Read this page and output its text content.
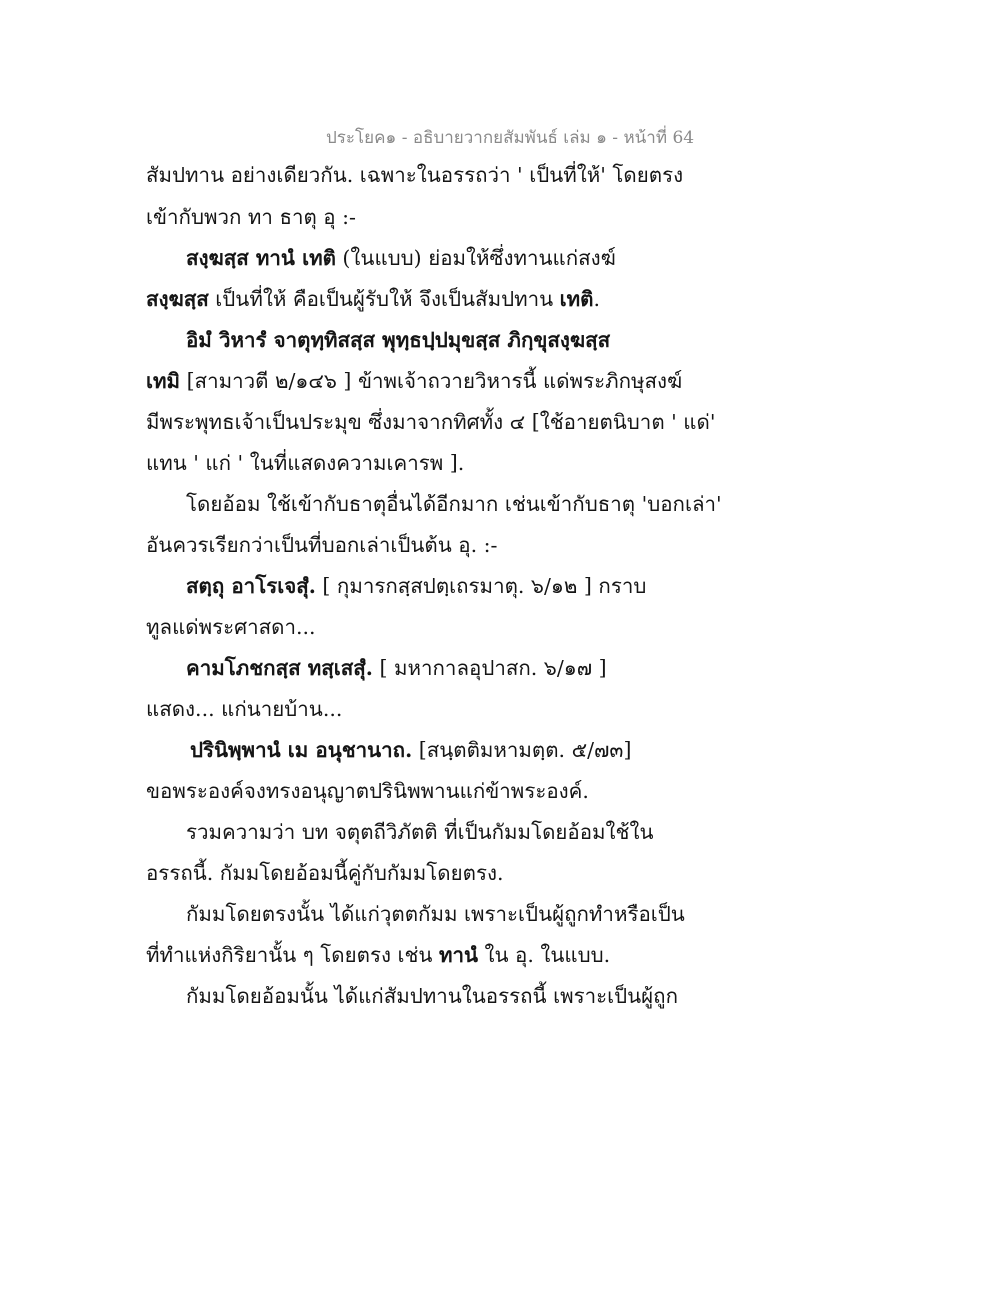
ประโยค๑ - อธิบายวากยสัมพันธ์ เล่ม ๑ - หน้าที่ 64
สัมปทาน อย่างเดียวกัน. เฉพาะในอรรถว่า ' เป็นที่ให้' โดยตรง
เข้ากับพวก ทา ธาตุ อุ :-
สงฺฆสฺส ทานํ เทติ (ในแบบ) ย่อมให้ซึ่งทานแก่สงฆ์
สงฺฆสฺส เป็นที่ให้ คือเป็นผู้รับให้ จึงเป็นสัมปทาน เทติ.
อิมํ วิหารํ จาตุทฺทิสสฺส พุทฺธปฺปมุขสฺส ภิกฺขุสงฺฆสฺส
เทมิ [สามาวตี ๒/๑๔๖ ] ข้าพเจ้าถวายวิหารนี้ แด่พระภิกษุสงฆ์
มีพระพุทธเจ้าเป็นประมุข ซึ่งมาจากทิศทั้ง ๔ [ใช้อายตนิบาต ' แด่'
แทน ' แก่ ' ในที่แสดงความเคารพ ].
โดยอ้อม ใช้เข้ากับธาตุอื่นได้อีกมาก เช่นเข้ากับธาตุ 'บอกเล่า'
อันควรเรียกว่าเป็นที่บอกเล่าเป็นต้น อุ. :-
สตฺถุ อาโรเจสุํ. [ กุมารกสฺสปตฺเถรมาตุ. ๖/๑๒ ] กราบ
ทูลแด่พระศาสดา...
คามโภชกสฺส ทสฺเสสุํ. [ มหากาลอุปาสก. ๖/๑๗ ]
แสดง... แก่นายบ้าน...
ปรินิพฺพานํ เม อนุชานาถ. [สนฺตติมหามตฺต. ๕/๗๓]
ขอพระองค์จงทรงอนุญาตปรินิพพานแก่ข้าพระองค์.
รวมความว่า บท จตุตถีวิภัตติ ที่เป็นกัมมโดยอ้อมใช้ใน
อรรถนี้. กัมมโดยอ้อมนี้คู่กับกัมมโดยตรง.
กัมมโดยตรงนั้น ได้แก่วุตตกัมม เพราะเป็นผู้ถูกทำหรือเป็น
ที่ทำแห่งกิริยานั้น ๆ โดยตรง เช่น ทานํ ใน อุ. ในแบบ.
กัมมโดยอ้อมนั้น ได้แก่สัมปทานในอรรถนี้ เพราะเป็นผู้ถูก
